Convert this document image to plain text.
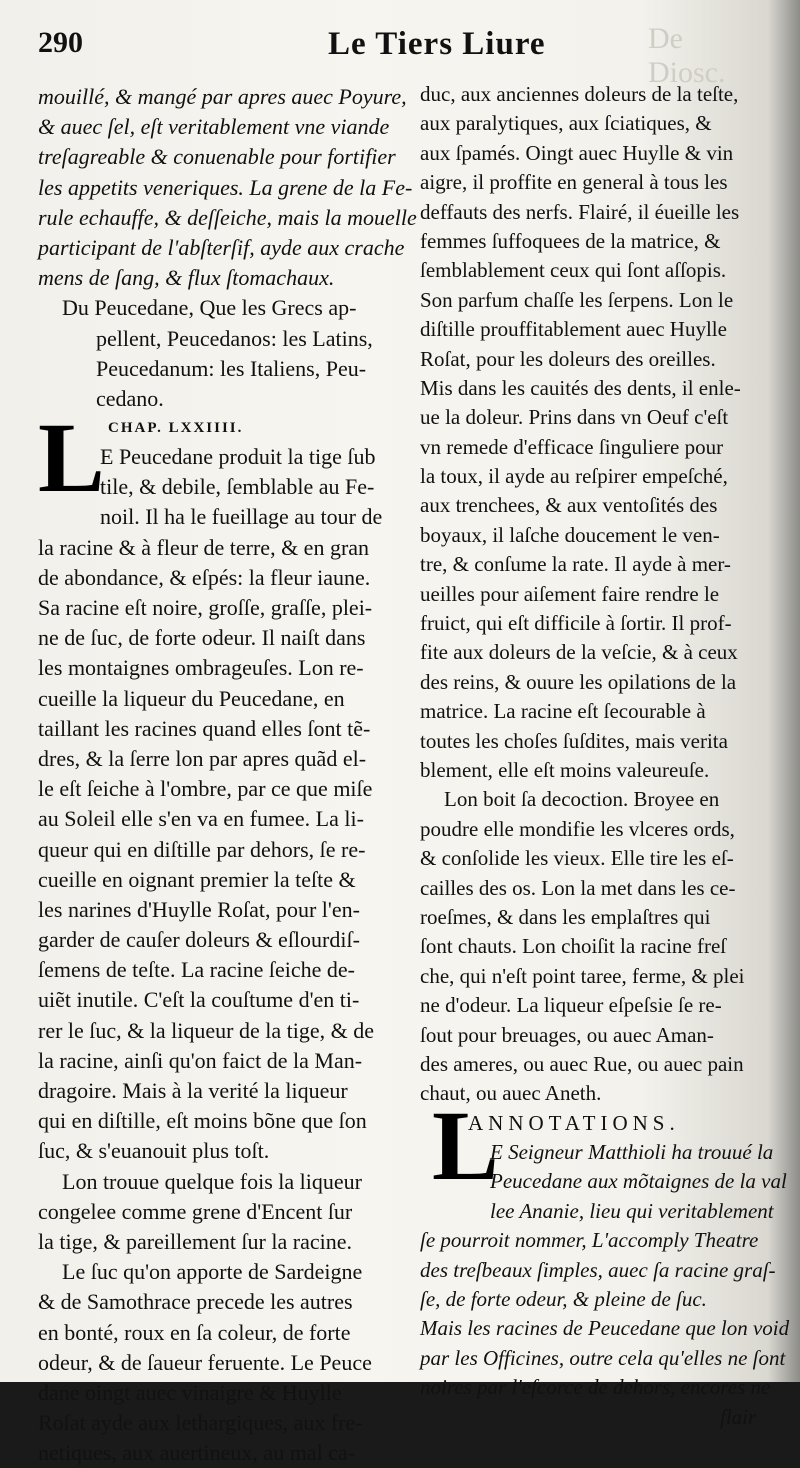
290	Le Tiers Liure	De Diosc.
mouillé, & mangé par apres auec Poyure,
& auec ſel, eſt veritablement vne viande
treſagreable & conuenable pour fortifier
les appetits veneriques. La grene de la Fe-
rule echauffe, & deſſeiche, mais la mouelle
participant de l'abſterſif, ayde aux crache
mens de ſang, & flux ſtomachaux.
Du Peucedane, Que les Grecs ap-
pellent, Peucedanos: les Latins,
Peucedanum: les Italiens, Peu-
cedano.
CHAP. LXXIIII.
E Peucedane produit la tige ſub
tile, & debile, ſemblable au Fe-
noil. Il ha le fueillage au tour de
la racine & à fleur de terre, & en gran
de abondance, & eſpés: la fleur iaune.
Sa racine eſt noire, groſſe, graſſe, plei-
ne de ſuc, de forte odeur. Il naiſt dans
les montaignes ombrageuſes. Lon re-
cueille la liqueur du Peucedane, en
taillant les racines quand elles ſont tẽ-
dres, & la ſerre lon par apres quãd el-
le eſt ſeiche à l'ombre, par ce que miſe
au Soleil elle s'en va en fumee. La li-
queur qui en diſtille par dehors, ſe re-
cueille en oignant premier la teſte &
les narines d'Huylle Roſat, pour l'en-
garder de cauſer doleurs & eſlourdiſ-
ſemens de teſte. La racine ſeiche de-
uiẽt inutile. C'eſt la couſtume d'en ti-
rer le ſuc, & la liqueur de la tige, & de
la racine, ainſi qu'on faict de la Man-
dragoire. Mais à la verité la liqueur
qui en diſtille, eſt moins bõne que ſon
ſuc, & s'euanouit plus toſt.
Lon trouue quelque fois la liqueur
congelee comme grene d'Encent ſur
la tige, & pareillement ſur la racine.
Le ſuc qu'on apporte de Sardeigne
& de Samothrace precede les autres
en bonté, roux en ſa coleur, de forte
odeur, & de ſaueur feruente. Le Peuce
dane oingt auec vinaigre & Huylle
Roſat ayde aux lethargiques, aux fre-
netiques, aux auertineux, au mal ca-
L
duc, aux anciennes doleurs de la teſte,
aux paralytiques, aux ſciatiques, &
aux ſpamés. Oingt auec Huylle & vin
aigre, il proffite en general à tous les
deffauts des nerfs. Flairé, il éueille les
femmes ſuffoquees de la matrice, &
ſemblablement ceux qui ſont aſſopis.
Son parfum chaſſe les ſerpens. Lon le
diſtille prouffitablement auec Huylle
Roſat, pour les doleurs des oreilles.
Mis dans les cauités des dents, il enle-
ue la doleur. Prins dans vn Oeuf c'eſt
vn remede d'efficace ſinguliere pour
la toux, il ayde au reſpirer empeſché,
aux trenchees, & aux ventoſités des
boyaux, il laſche doucement le ven-
tre, & conſume la rate. Il ayde à mer-
ueilles pour aiſement faire rendre le
fruict, qui eſt difficile à ſortir. Il prof-
fite aux doleurs de la veſcie, & à ceux
des reins, & ouure les opilations de la
matrice. La racine eſt ſecourable à
toutes les choſes ſuſdites, mais verita
blement, elle eſt moins valeureuſe.
Lon boit ſa decoction. Broyee en
poudre elle mondifie les vlceres ords,
& conſolide les vieux. Elle tire les eſ-
cailles des os. Lon la met dans les ce-
roeſmes, & dans les emplaſtres qui
ſont chauts. Lon choiſit la racine freſ
che, qui n'eſt point taree, ferme, & plei
ne d'odeur. La liqueur eſpeſsie ſe re-
ſout pour breuages, ou auec Aman-
des ameres, ou auec Rue, ou auec pain
chaut, ou auec Aneth.
ANNOTATIONS.
E Seigneur Matthioli ha trouué la
Peucedane aux mõtaignes de la val
lee Ananie, lieu qui veritablement
ſe pourroit nommer, L'accomply Theatre
des treſbeaux ſimples, auec ſa racine graſ-
ſe, de forte odeur, & pleine de ſuc.
Mais les racines de Peucedane que lon void
par les Officines, outre cela qu'elles ne ſont
noires par l'eſcorce de dehors, encores ne
flair
L
